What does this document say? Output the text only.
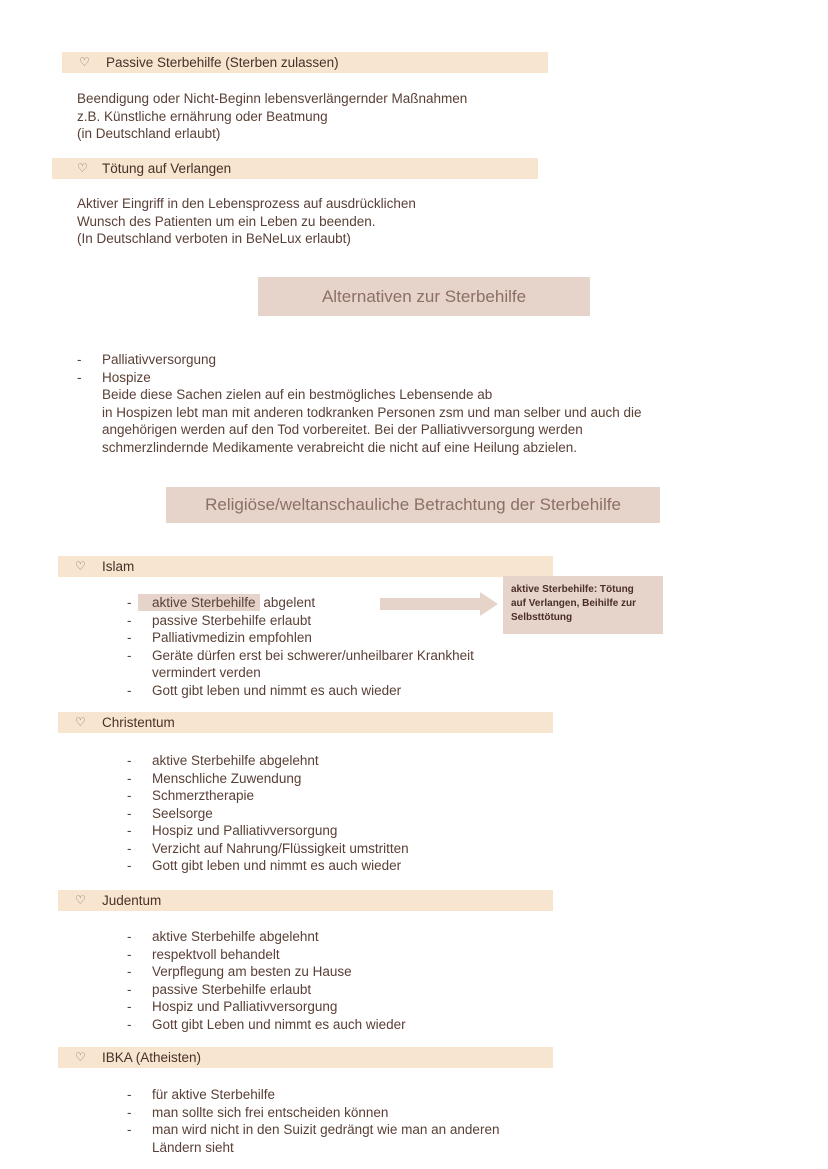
♡ Passive Sterbehilfe (Sterben zulassen)
Beendigung oder Nicht-Beginn lebensverlängernder Maßnahmen
z.B. Künstliche ernährung oder Beatmung
(in Deutschland erlaubt)
♡ Tötung auf Verlangen
Aktiver Eingriff in den Lebensprozess auf ausdrücklichen
Wunsch des Patienten um ein Leben zu beenden.
(In Deutschland verboten in BeNeLux erlaubt)
Alternativen zur Sterbehilfe
- Palliativversorgung
- Hospize
Beide diese Sachen zielen auf ein bestmögliches Lebensende ab
in Hospizen lebt man mit anderen todkranken Personen zsm und man selber und auch die
angehörigen werden auf den Tod vorbereitet. Bei der Palliativversorgung werden
schmerzlindernde Medikamente verabreicht die nicht auf eine Heilung abzielen.
Religiöse/weltanschauliche Betrachtung der Sterbehilfe
♡ Islam
- aktive Sterbehilfe abgelent
- passive Sterbehilfe erlaubt
- Palliativmedizin empfohlen
- Geräte dürfen erst bei schwerer/unheilbarer Krankheit
vermindert verden
- Gott gibt leben und nimmt es auch wieder
aktive Sterbehilfe: Tötung
auf Verlangen, Beihilfe zur
Selbsttötung
♡ Christentum
- aktive Sterbehilfe abgelehnt
- Menschliche Zuwendung
- Schmerztherapie
- Seelsorge
- Hospiz und Palliativversorgung
- Verzicht auf Nahrung/Flüssigkeit umstritten
- Gott gibt leben und nimmt es auch wieder
♡ Judentum
- aktive Sterbehilfe abgelehnt
- respektvoll behandelt
- Verpflegung am besten zu Hause
- passive Sterbehilfe erlaubt
- Hospiz und Palliativversorgung
- Gott gibt Leben und nimmt es auch wieder
♡ IBKA (Atheisten)
- für aktive Sterbehilfe
- man sollte sich frei entscheiden können
- man wird nicht in den Suizit gedrängt wie man an anderen
Ländern sieht
